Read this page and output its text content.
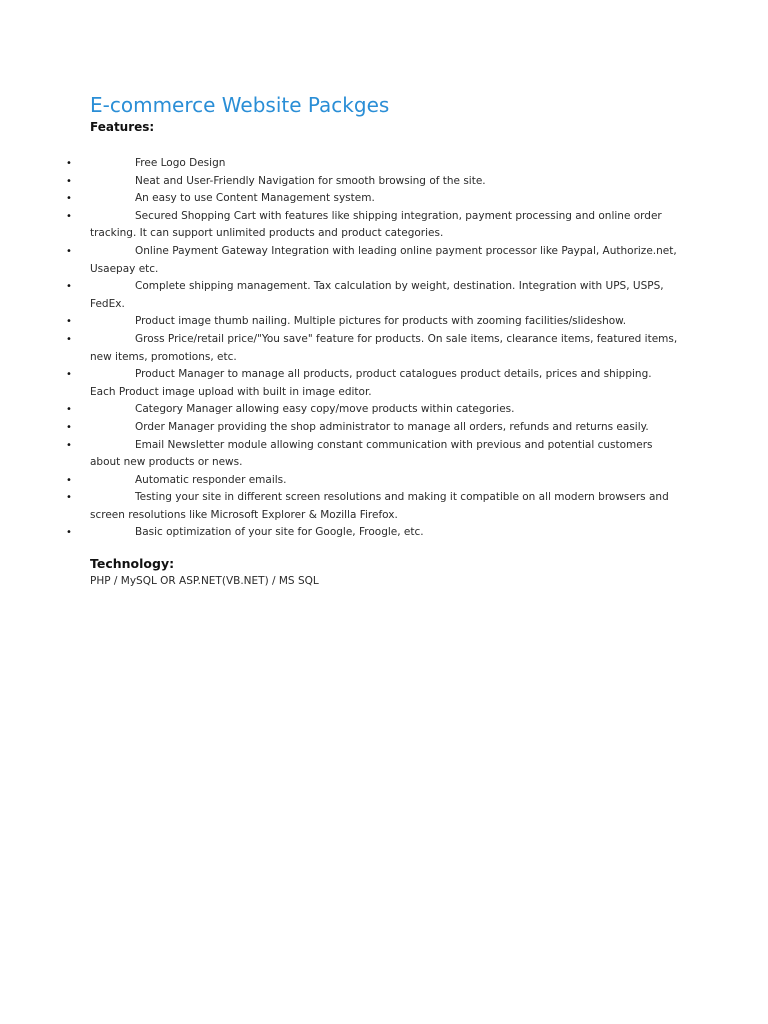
E-commerce Website Packges
Features:
•	Free Logo Design
•	Neat and User-Friendly Navigation for smooth browsing of the site.
•	An easy to use Content Management system.
•	Secured Shopping Cart with features like shipping integration, payment processing and online order tracking. It can support unlimited products and product categories.
•	Online Payment Gateway Integration with leading online payment processor like Paypal, Authorize.net, Usaepay etc.
•	Complete shipping management. Tax calculation by weight, destination. Integration with UPS, USPS, FedEx.
•	Product image thumb nailing. Multiple pictures for products with zooming facilities/slideshow.
•	Gross Price/retail price/"You save" feature for products. On sale items, clearance items, featured items, new items, promotions, etc.
•	Product Manager to manage all products, product catalogues product details, prices and shipping. Each Product image upload with built in image editor.
•	Category Manager allowing easy copy/move products within categories.
•	Order Manager providing the shop administrator to manage all orders, refunds and returns easily.
•	Email Newsletter module allowing constant communication with previous and potential customers about new products or news.
•	Automatic responder emails.
•	Testing your site in different screen resolutions and making it compatible on all modern browsers and screen resolutions like Microsoft Explorer & Mozilla Firefox.
•	Basic optimization of your site for Google, Froogle, etc.
Technology:

PHP / MySQL OR ASP.NET(VB.NET) / MS SQL
